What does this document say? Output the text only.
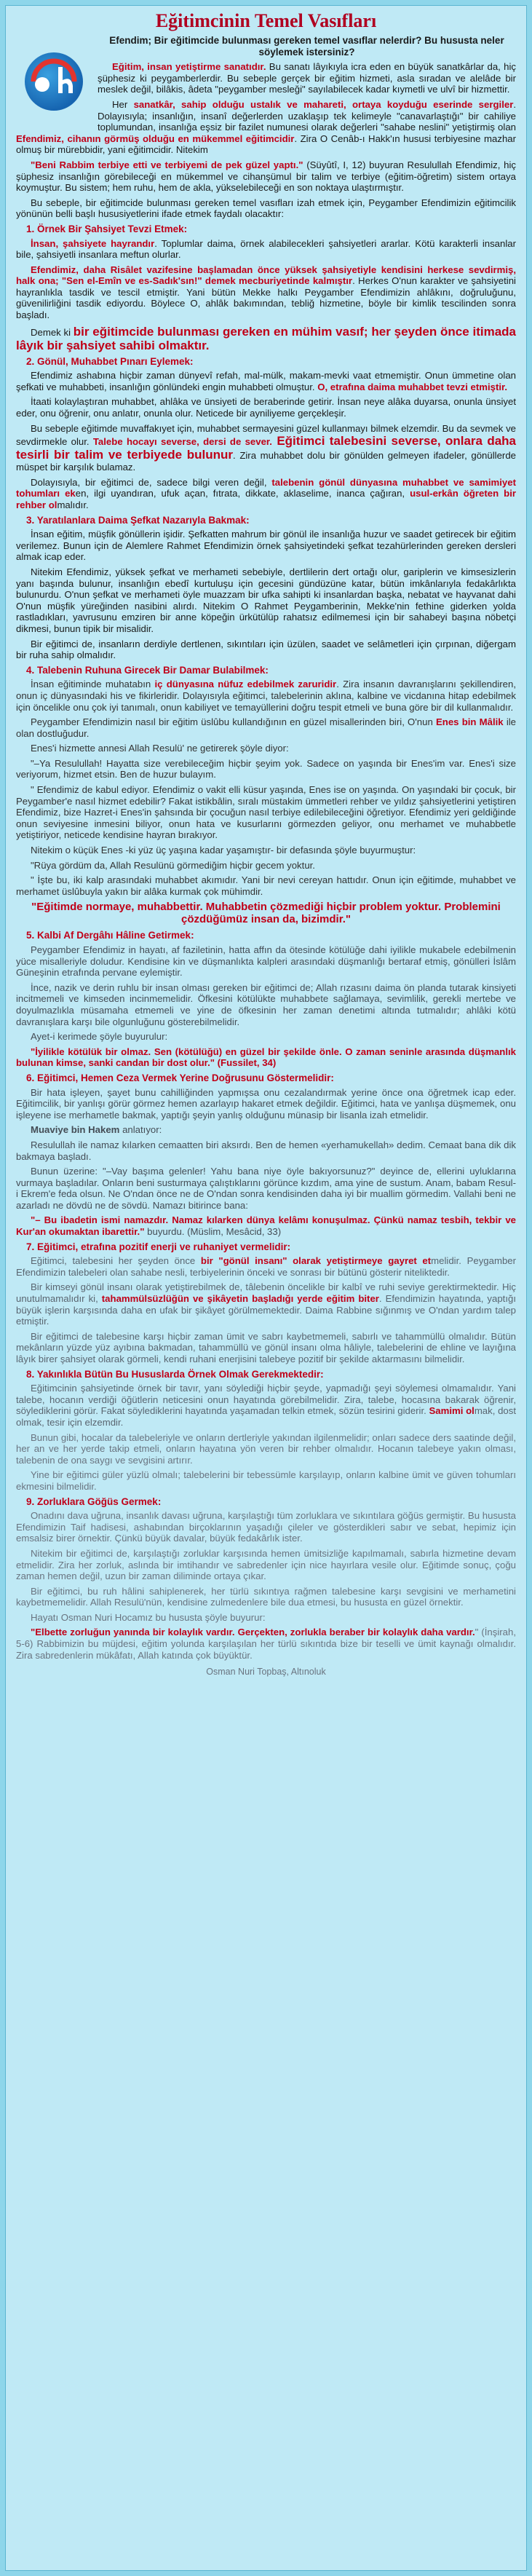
Eğitimcinin Temel Vasıfları

Efendim; Bir eğitimcide bulunması gereken temel vasıflar nelerdir? Bu hususta neler söylemek istersiniz?

Eğitim, insan yetiştirme sanatıdır. Bu sanatı lâyıkıyla icra eden en büyük sanatkârlar da, hiç şüphesiz ki peygamberlerdir. Bu sebeple gerçek bir eğitim hizmeti, asla sıradan ve alelâde bir meslek değil, bilâkis, âdeta "peygamber mesleği" sayılabilecek kadar kıymetli ve ulvî bir hizmettir.

Her sanatkâr, sahip olduğu ustalık ve mahareti, ortaya koyduğu eserinde sergiler. Dolayısıyla; insanlığın, insanî değerlerden uzaklaşıp tek kelimeyle "canavarlaştığı" bir cahiliye toplumundan, insanlığa eşsiz bir fazilet numunesi olarak değerleri "sahabe neslini" yetiştirmiş olan Efendimiz, cihanın görmüş olduğu en mükemmel eğitimcidir. Zira O Cenâb-ı Hakk'ın hususi terbiyesine mazhar olmuş bir mürebbidir, yani eğitimcidir. Nitekim

"Beni Rabbim terbiye etti ve terbiyemi de pek güzel yaptı." (Süyûtî, I, 12) buyuran Resulullah Efendimiz, hiç şüphesiz insanlığın görebileceği en mükemmel ve cihanşümul bir talim ve terbiye (eğitim-öğretim) sistem ortaya koymuştur. Bu sistem; hem ruhu, hem de akla, yükselebileceği en son noktaya ulaştırmıştır.

Bu sebeple, bir eğitimcide bulunması gereken temel vasıfları izah etmek için, Peygamber Efendimizin eğitimcilik yönünün belli başlı hususiyetlerini ifade etmek faydalı olacaktır:

1. Örnek Bir Şahsiyet Tevzi Etmek:

İnsan, şahsiyete hayrandır. Toplumlar daima, örnek alabilecekleri şahsiyetleri ararlar. Kötü karakterli insanlar bile, şahsiyetli insanlara meftun olurlar.

Efendimiz, daha Risâlet vazifesine başlamadan önce yüksek şahsiyetiyle kendisini herkese sevdirmiş, halk ona; "Sen el-Emîn ve es-Sadık'sın!" demek mecburiyetinde kalmıştır. Herkes O'nun karakter ve şahsiyetini hayranlıkla tasdik ve tescil etmiştir. Yani bütün Mekke halkı Peygamber Efendimizin ahlâkını, doğruluğunu, güvenilirliğini tasdik ediyordu. Böylece O, ahlâk bakımından, tebliğ hizmetine, böyle bir kimlik tescilinden sonra başladı.

Demek ki bir eğitimcide bulunması gereken en mühim vasıf; her şeyden önce itimada lâyık bir şahsiyet sahibi olmaktır.

2. Gönül, Muhabbet Pınarı Eylemek:

Efendimiz ashabına hiçbir zaman dünyevî refah, mal-mülk, makam-mevki vaat etmemiştir. Onun ümmetine olan şefkati ve muhabbeti, insanlığın gönlündeki engin muhabbeti olmuştur. O, etrafına daima muhabbet tevzi etmiştir.

İtaati kolaylaştıran muhabbet, ahlâka ve ünsiyeti de beraberinde getirir. İnsan neye alâka duyarsa, onunla ünsiyet eder, onu öğrenir, onu anlatır, onunla olur. Neticede bir ayniliyeme gerçekleşir.

Bu sebeple eğitimde muvaffakıyet için, muhabbet sermayesini güzel kullanmayı bilmek elzemdir. Bu da sevmek ve sevdirmekle olur. Talebe hocayı severse, dersi de sever. Eğitimci talebesini severse, onlara daha tesirli bir talim ve terbiyede bulunur. Zira muhabbet dolu bir gönülden gelmeyen ifadeler, gönüllerde müspet bir karşılık bulamaz.

Dolayısıyla, bir eğitimci de, sadece bilgi veren değil, talebenin gönül dünyasına muhabbet ve samimiyet tohumları eken, ilgi uyandıran, ufuk açan, fıtrata, dikkate, aklaselime, inanca çağıran, usul-erkân öğreten bir rehber olmalıdır.

3. Yaratılanlara Daima Şefkat Nazarıyla Bakmak:

İnsan eğitim, müşfik gönüllerin işidir. Şefkatten mahrum bir gönül ile insanlığa huzur ve saadet getirecek bir eğitim verilemez. Bunun için de Alemlere Rahmet Efendimizin örnek şahsiyetindeki şefkat tezahürlerinden gereken dersleri almak icap eder.

Nitekim Efendimiz, yüksek şefkat ve merhameti sebebiyle, dertlilerin dert ortağı olur, gariplerin ve kimsesizlerin yanı başında bulunur, insanlığın ebedî kurtuluşu için gecesini gündüzüne katar, bütün imkânlarıyla fedakârlıkta bulunurdu. O'nun şefkat ve merhameti öyle muazzam bir ufka sahipti ki insanlardan başka, nebatat ve hayvanat dahi O'nun müşfik yüreğinden nasibini alırdı. Nitekim O Rahmet Peygamberinin, Mekke'nin fethine giderken yolda rastladıkları, yavrusunu emziren bir anne köpeğin ürkütülüp rahatsız edilmemesi için bir sahabeyi başına nöbetçi dikmesi, bunun tipik bir misalidir.

Bir eğitimci de, insanların derdiyle dertlenen, sıkıntıları için üzülen, saadet ve selâmetleri için çırpınan, diğergam bir ruha sahip olmalıdır.

4. Talebenin Ruhuna Girecek Bir Damar Bulabilmek:

İnsan eğitiminde muhatabın iç dünyasına nüfuz edebilmek zaruridir. Zira insanın davranışlarını şekillendiren, onun iç dünyasındaki his ve fikirleridir. Dolayısıyla eğitimci, talebelerinin aklına, kalbine ve vicdanına hitap edebilmek için öncelikle onu çok iyi tanımalı, onun kabiliyet ve temayüllerini doğru tespit etmeli ve buna göre bir dil kullanmalıdır.

Peygamber Efendimizin nasıl bir eğitim üslûbu kullandığının en güzel misallerinden biri, O'nun Enes bin Mâlik ile olan dostluğudur.

Enes'i hizmette annesi Allah Resulü' ne getirerek şöyle diyor:

"–Ya Resulullah! Hayatta size verebileceğim hiçbir şeyim yok. Sadece on yaşında bir Enes'im var. Enes'i size veriyorum, hizmet etsin. Ben de huzur bulayım.

" Efendimiz de kabul ediyor. Efendimiz o vakit elli küsur yaşında, Enes ise on yaşında. On yaşındaki bir çocuk, bir Peygamber'e nasıl hizmet edebilir? Fakat istikbâlin, sıralı müstakim ümmetleri rehber ve yıldız şahsiyetlerini yetiştiren Efendimiz, bize Hazret-i Enes'in şahsında bir çocuğun nasıl terbiye edilebileceğini öğretiyor. Efendimiz yeri geldiğinde onun seviyesine inmesini biliyor, onun hata ve kusurlarını görmezden geliyor, onu merhamet ve muhabbetle yetiştiriyor, neticede kendisine hayran bırakıyor.

Nitekim o küçük Enes -ki yüz üç yaşına kadar yaşamıştır- bir defasında şöyle buyurmuştur:

"Rüya gördüm da, Allah Resulünü görmediğim hiçbir gecem yoktur.

" İşte bu, iki kalp arasındaki muhabbet akımıdır. Yani bir nevi cereyan hattıdır. Onun için eğitimde, muhabbet ve merhamet üslûbuyla yakın bir alâka kurmak çok mühimdir.

"Eğitimde normaye, muhabbettir. Muhabbetin çözmediği hiçbir problem yoktur. Problemini çözdüğümüz insan da, bizimdir."
5. Kalbi Af Dergâhı Hâline Getirmek:

Peygamber Efendimiz in hayatı, af faziletinin, hatta affın da ötesinde kötülüğe dahi iyilikle mukabele edebilmenin yüce misalleriyle doludur. Kendisine kin ve düşmanlıkta kalpleri arasındaki düşmanlığı bertaraf etmiş, gönülleri İslâm Güneşinin etrafında pervane eylemiştir.

İnce, nazik ve derin ruhlu bir insan olması gereken bir eğitimci de; Allah rızasını daima ön planda tutarak kinsiyeti incitmemeli ve kimseden incinmemelidir. Öfkesini kötülükte muhabbete sağlamaya, sevimlilik, gerekli mertebe ve doyulmazlıkla müsamaha etmemeli ve yine de öfkesinin her zaman denetimi altında tutmalıdır; ahlâki kötü davranışlara karşı bile olgunluğunu gösterebilmelidir.

Ayet-i kerimede şöyle buyurulur:

"İyilikle kötülük bir olmaz. Sen (kötülüğü) en güzel bir şekilde önle. O zaman seninle arasında düşmanlık bulunan kimse, sanki candan bir dost olur." (Fussilet, 34)

6. Eğitimci, Hemen Ceza Vermek Yerine Doğrusunu Göstermelidir:

Bir hata işleyen, şayet bunu cahilliğinden yapmışsa onu cezalandırmak yerine önce ona öğretmek icap eder. Eğitimcilik, bir yanlışı görür görmez hemen azarlayıp hakaret etmek değildir. Eğitimci, hata ve yanlışa düşmemek, onu işleyene ise merhametle bakmak, yaptığı şeyin yanlış olduğunu münasip bir lisanla izah etmelidir.

Muaviye bin Hakem anlatıyor:

Resulullah ile namaz kılarken cemaatten biri aksırdı. Ben de hemen «yerhamukellah» dedim. Cemaat bana dik dik bakmaya başladı.

Bunun üzerine: "–Vay başıma gelenler! Yahu bana niye öyle bakıyorsunuz?" deyince de, ellerini uyluklarına vurmaya başladılar. Onların beni susturmaya çalıştıklarını görünce kızdım, ama yine de sustum. Anam, babam Resul-i Ekrem'e feda olsun. Ne O'ndan önce ne de O'ndan sonra kendisinden daha iyi bir muallim görmedim. Vallahi beni ne azarladı ne dövdü ne de sövdü. Namazı bitirince bana:

"– Bu ibadetin ismi namazdır. Namaz kılarken dünya kelâmı konuşulmaz. Çünkü namaz tesbih, tekbir ve Kur'an okumaktan ibarettir." buyurdu. (Müslim, Mesâcid, 33)

7. Eğitimci, etrafına pozitif enerji ve ruhaniyet vermelidir:

Eğitimci, talebesini her şeyden önce bir "gönül insanı" olarak yetiştirmeye gayret etmelidir. Peygamber Efendimizin talebeleri olan sahabe nesli, terbiyelerinin önceki ve sonrası bir bütünü gösterir niteliktedir.

Bir kimseyi gönül insanı olarak yetiştirebilmek de, tâlebenin öncelikle bir kalbî ve ruhi seviye gerektirmektedir. Hiç unutulmamalıdır ki, tahammülsüzlüğün ve şikâyetin başladığı yerde eğitim biter. Efendimizin hayatında, yaptığı büyük işlerin karşısında daha en ufak bir şikâyet görülmemektedir. Daima Rabbine sığınmış ve O'ndan yardım talep etmiştir.

Bir eğitimci de talebesine karşı hiçbir zaman ümit ve sabrı kaybetmemeli, sabırlı ve tahammüllü olmalıdır. Bütün mekânların yüzde yüz ayıbına bakmadan, tahammüllü ve gönül insanı olma hâliyle, talebelerini de ehline ve layığına lâyık birer şahsiyet olarak görmeli, kendi ruhani enerjisini talebeye pozitif bir şekilde aktarmasını bilmelidir.

8. Yakınlıkla Bütün Bu Hususlarda Örnek Olmak Gerekmektedir:

Eğitimcinin şahsiyetinde örnek bir tavır, yanı söylediği hiçbir şeyde, yapmadığı şeyi söylemesi olmamalıdır. Yani talebe, hocanın verdiği öğütlerin neticesini onun hayatında görebilmelidir. Zira, talebe, hocasına bakarak öğrenir, söylediklerini görür. Fakat söylediklerini hayatında yaşamadan telkin etmek, sözün tesirini giderir. Samimi olmak, dost olmak, tesir için elzemdir.

Bunun gibi, hocalar da talebeleriyle ve onların dertleriyle yakından ilgilenmelidir; onları sadece ders saatinde değil, her an ve her yerde takip etmeli, onların hayatına yön veren bir rehber olmalıdır. Hocanın talebeye yakın olması, talebenin de ona saygı ve sevgisini artırır.

Yine bir eğitimci güler yüzlü olmalı; talebelerini bir tebessümle karşılayıp, onların kalbine ümit ve güven tohumları ekmesini bilmelidir.

9. Zorluklara Göğüs Germek:

Onadını dava uğruna, insanlık davası uğruna, karşılaştığı tüm zorluklara ve sıkıntılara göğüs germiştir. Bu hususta Efendimizin Taif hadisesi, ashabından birçoklarının yaşadığı çileler ve gösterdikleri sabır ve sebat, hepimiz için emsalsiz birer örnektir. Çünkü büyük davalar, büyük fedakârlık ister.

Nitekim bir eğitimci de, karşılaştığı zorluklar karşısında hemen ümitsizliğe kapılmamalı, sabırla hizmetine devam etmelidir. Zira her zorluk, aslında bir imtihandır ve sabredenler için nice hayırlara vesile olur. Eğitimde sonuç, çoğu zaman hemen değil, uzun bir zaman diliminde ortaya çıkar.

Bir eğitimci, bu ruh hâlini sahiplenerek, her türlü sıkıntıya rağmen talebesine karşı sevgisini ve merhametini kaybetmemelidir. Allah Resulü'nün, kendisine zulmedenlere bile dua etmesi, bu hususta en güzel örnektir.

Hayatı Osman Nuri Hocamız bu hususta şöyle buyurur:

"Elbette zorluğun yanında bir kolaylık vardır. Gerçekten, zorlukla beraber bir kolaylık daha vardır." (İnşirah, 5-6) Rabbimizin bu müjdesi, eğitim yolunda karşılaşılan her türlü sıkıntıda bize bir teselli ve ümit kaynağı olmalıdır. Zira sabredenlerin mükâfatı, Allah katında çok büyüktür.

Osman Nuri Topbaş, Altınoluk
